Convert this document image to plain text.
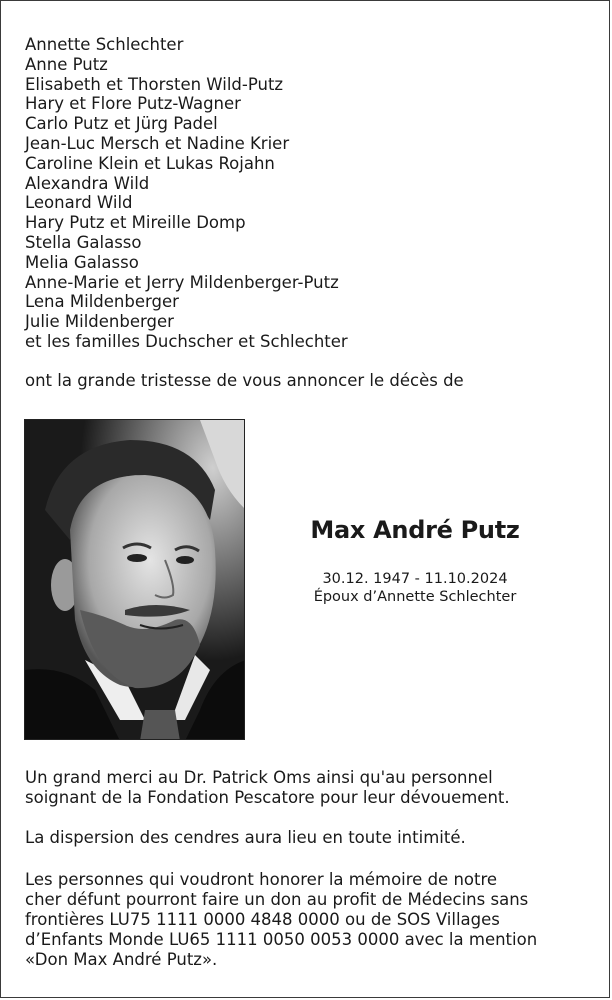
Annette Schlechter
Anne Putz
Elisabeth et Thorsten Wild-Putz
Hary et Flore Putz-Wagner
Carlo Putz et Jürg Padel
Jean-Luc Mersch et Nadine Krier
Caroline Klein et Lukas Rojahn
Alexandra Wild
Leonard Wild
Hary Putz et Mireille Domp
Stella Galasso
Melia Galasso
Anne-Marie et Jerry Mildenberger-Putz
Lena Mildenberger
Julie Mildenberger
et les familles Duchscher et Schlechter
ont la grande tristesse de vous annoncer le décès de
Max André Putz
30.12. 1947 - 11.10.2024
Époux d’Annette Schlechter
Un grand merci au Dr. Patrick Oms ainsi qu'au personnel
soignant de la Fondation Pescatore pour leur dévouement.
La dispersion des cendres aura lieu en toute intimité.
Les personnes qui voudront honorer la mémoire de notre
cher défunt pourront faire un don au profit de Médecins sans
frontières LU75 1111 0000 4848 0000 ou de SOS Villages
d’Enfants Monde LU65 1111 0050 0053 0000 avec la mention
«Don Max André Putz».
